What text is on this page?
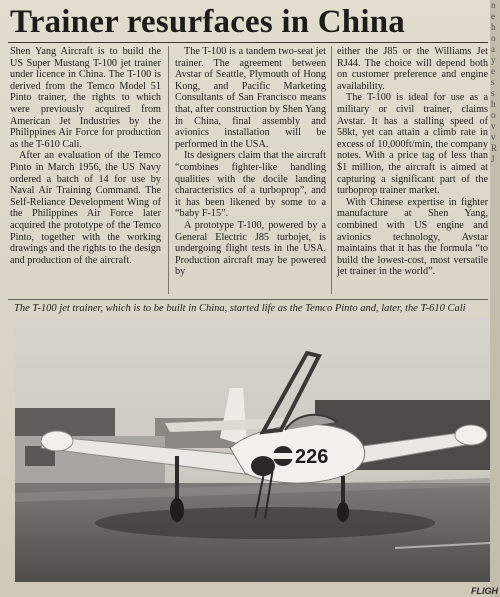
Trainer resurfaces in China

Shen Yang Aircraft is to build the US Super Mustang T-100 jet trainer under licence in China. The T-100 is derived from the Temco Model 51 Pinto trainer, the rights to which were previously acquired from American Jet Industries by the Philippines Air Force for production as the T-610 Cali.

After an evaluation of the Temco Pinto in March 1956, the US Navy ordered a batch of 14 for use by Naval Air Training Command. The Self-Reliance Development Wing of the Philippines Air Force later acquired the prototype of the Temco Pinto, together with the working drawings and the rights to the design and production of the aircraft.

The T-100 is a tandem two-seat jet trainer. The agreement between Avstar of Seattle, Plymouth of Hong Kong, and Pacific Marketing Consultants of San Francisco means that, after construction by Shen Yang in China, final assembly and avionics installation will be performed in the USA.

Its designers claim that the aircraft “combines fighter-like handling qualities with the docile landing characteristics of a turboprop”, and it has been likened by some to a “baby F-15”.

A prototype T-100, powered by a General Electric J85 turbojet, is undergoing flight tests in the USA. Production aircraft may be powered by

either the J85 or the Williams Jet RJ44. The choice will depend both on customer preference and engine availability.

The T-100 is ideal for use as a military or civil trainer, claims Avstar. It has a stalling speed of 58kt, yet can attain a climb rate in excess of 10,000ft/min, the company notes. With a price tag of less than $1 million, the aircraft is aimed at capturing a significant part of the turboprop trainer market.

With Chinese expertise in fighter manufacture at Shen Yang, combined with US engine and avionics technology, Avstar maintains that it has the formula “to build the lowest-cost, most versatile jet trainer in the world”.

The T-100 jet trainer, which is to be built in China, started life as the Temco Pinto and, later, the T-610 Cali
226
n
e
h
o
a
y
e
s
s
h
o
v
v
R
J
FLIGH
